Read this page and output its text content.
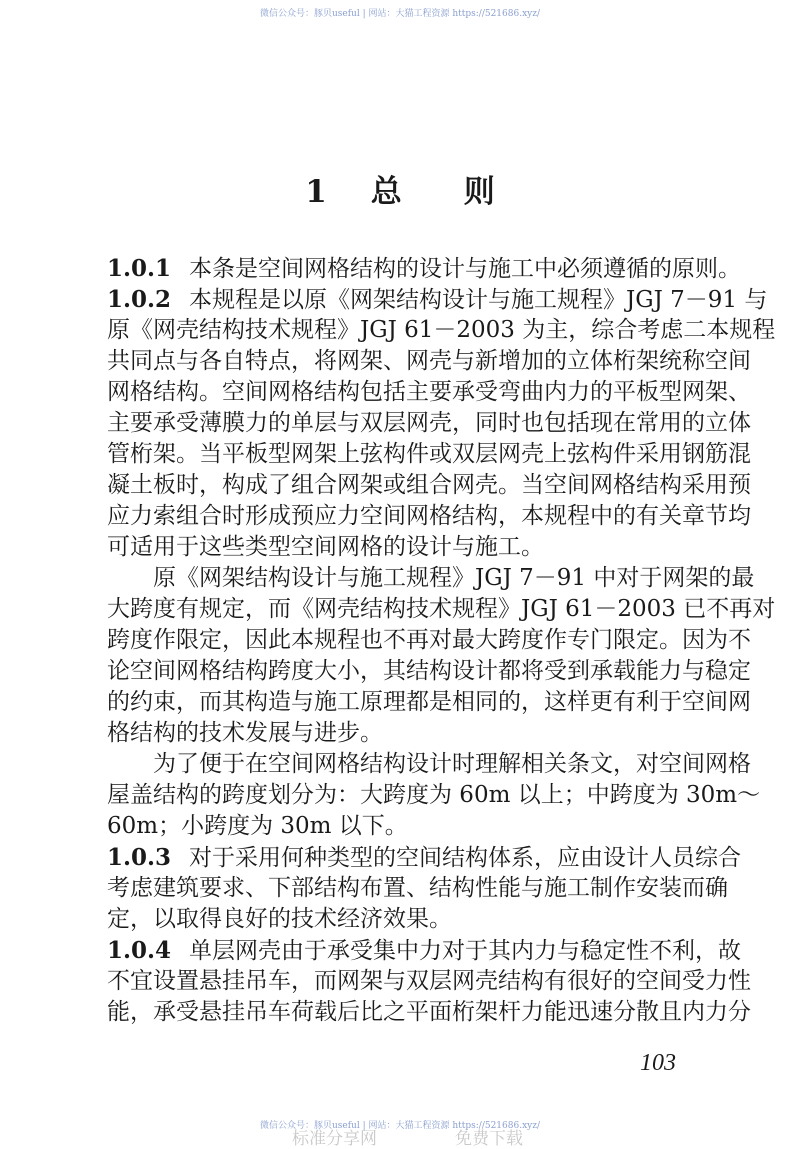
微信公众号：豚贝useful | 网站：大猫工程资源 https://521686.xyz/
1 总 则
1.0.1 本条是空间网格结构的设计与施工中必须遵循的原则。
1.0.2 本规程是以原《网架结构设计与施工规程》JGJ 7－91 与
原《网壳结构技术规程》JGJ 61－2003 为主，综合考虑二本规程
共同点与各自特点，将网架、网壳与新增加的立体桁架统称空间
网格结构。空间网格结构包括主要承受弯曲内力的平板型网架、
主要承受薄膜力的单层与双层网壳，同时也包括现在常用的立体
管桁架。当平板型网架上弦构件或双层网壳上弦构件采用钢筋混
凝土板时，构成了组合网架或组合网壳。当空间网格结构采用预
应力索组合时形成预应力空间网格结构，本规程中的有关章节均
可适用于这些类型空间网格的设计与施工。
原《网架结构设计与施工规程》JGJ 7－91 中对于网架的最
大跨度有规定，而《网壳结构技术规程》JGJ 61－2003 已不再对
跨度作限定，因此本规程也不再对最大跨度作专门限定。因为不
论空间网格结构跨度大小，其结构设计都将受到承载能力与稳定
的约束，而其构造与施工原理都是相同的，这样更有利于空间网
格结构的技术发展与进步。
为了便于在空间网格结构设计时理解相关条文，对空间网格
屋盖结构的跨度划分为：大跨度为 60m 以上；中跨度为 30m～
60m；小跨度为 30m 以下。
1.0.3 对于采用何种类型的空间结构体系，应由设计人员综合
考虑建筑要求、下部结构布置、结构性能与施工制作安装而确
定，以取得良好的技术经济效果。
1.0.4 单层网壳由于承受集中力对于其内力与稳定性不利，故
不宜设置悬挂吊车，而网架与双层网壳结构有很好的空间受力性
能，承受悬挂吊车荷载后比之平面桁架杆力能迅速分散且内力分
103
微信公众号：豚贝useful | 网站：大猫工程资源 https://521686.xyz/
标准分享网	免费下载
